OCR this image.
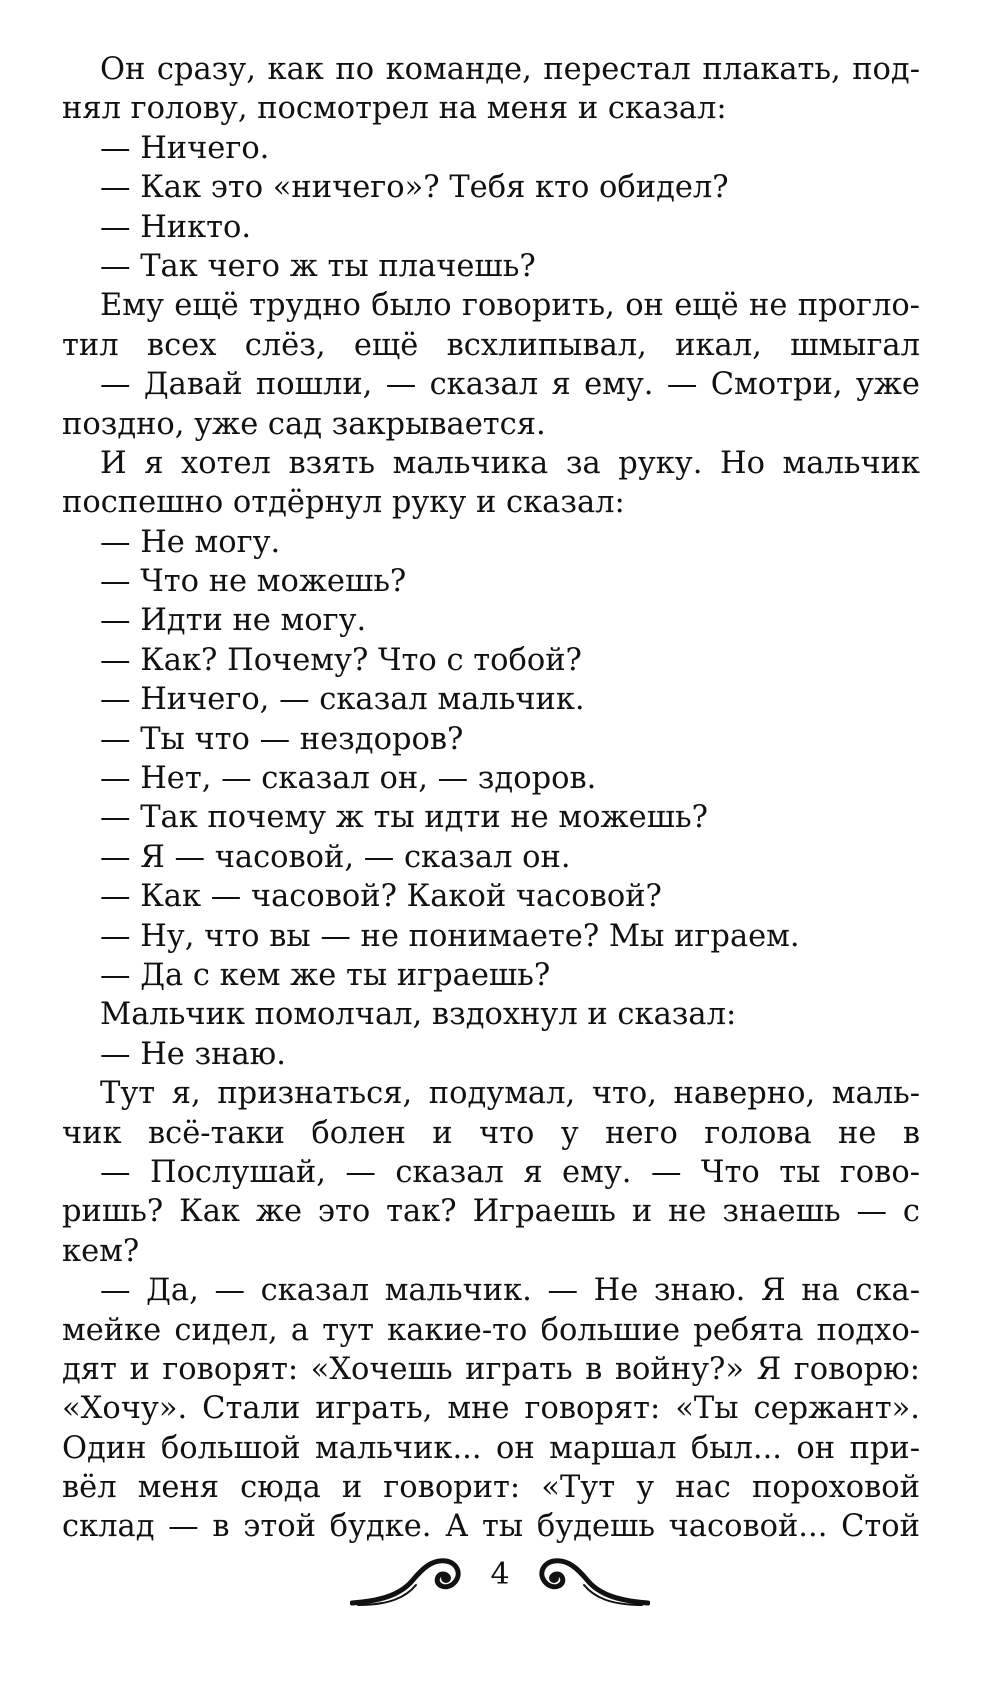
Он сразу, как по команде, перестал плакать, под-
нял голову, посмотрел на меня и сказал:
— Ничего.
— Как это «ничего»? Тебя кто обидел?
— Никто.
— Так чего ж ты плачешь?
Ему ещё трудно было говорить, он ещё не прогло-
тил всех слёз, ещё всхлипывал, икал, шмыгал
— Давай пошли, — сказал я ему. — Смотри, уже
поздно, уже сад закрывается.
И я хотел взять мальчика за руку. Но мальчик
поспешно отдёрнул руку и сказал:
— Не могу.
— Что не можешь?
— Идти не могу.
— Как? Почему? Что с тобой?
— Ничего, — сказал мальчик.
— Ты что — нездоров?
— Нет, — сказал он, — здоров.
— Так почему ж ты идти не можешь?
— Я — часовой, — сказал он.
— Как — часовой? Какой часовой?
— Ну, что вы — не понимаете? Мы играем.
— Да с кем же ты играешь?
Мальчик помолчал, вздохнул и сказал:
— Не знаю.
Тут я, признаться, подумал, что, наверно, маль-
чик всё-таки болен и что у него голова не в
— Послушай, — сказал я ему. — Что ты гово-
ришь? Как же это так? Играешь и не знаешь — с
кем?
— Да, — сказал мальчик. — Не знаю. Я на ска-
мейке сидел, а тут какие-то большие ребята подхо-
дят и говорят: «Хочешь играть в войну?» Я говорю:
«Хочу». Стали играть, мне говорят: «Ты сержант».
Один большой мальчик... он маршал был... он при-
вёл меня сюда и говорит: «Тут у нас пороховой
склад — в этой будке. А ты будешь часовой... Стой
4
